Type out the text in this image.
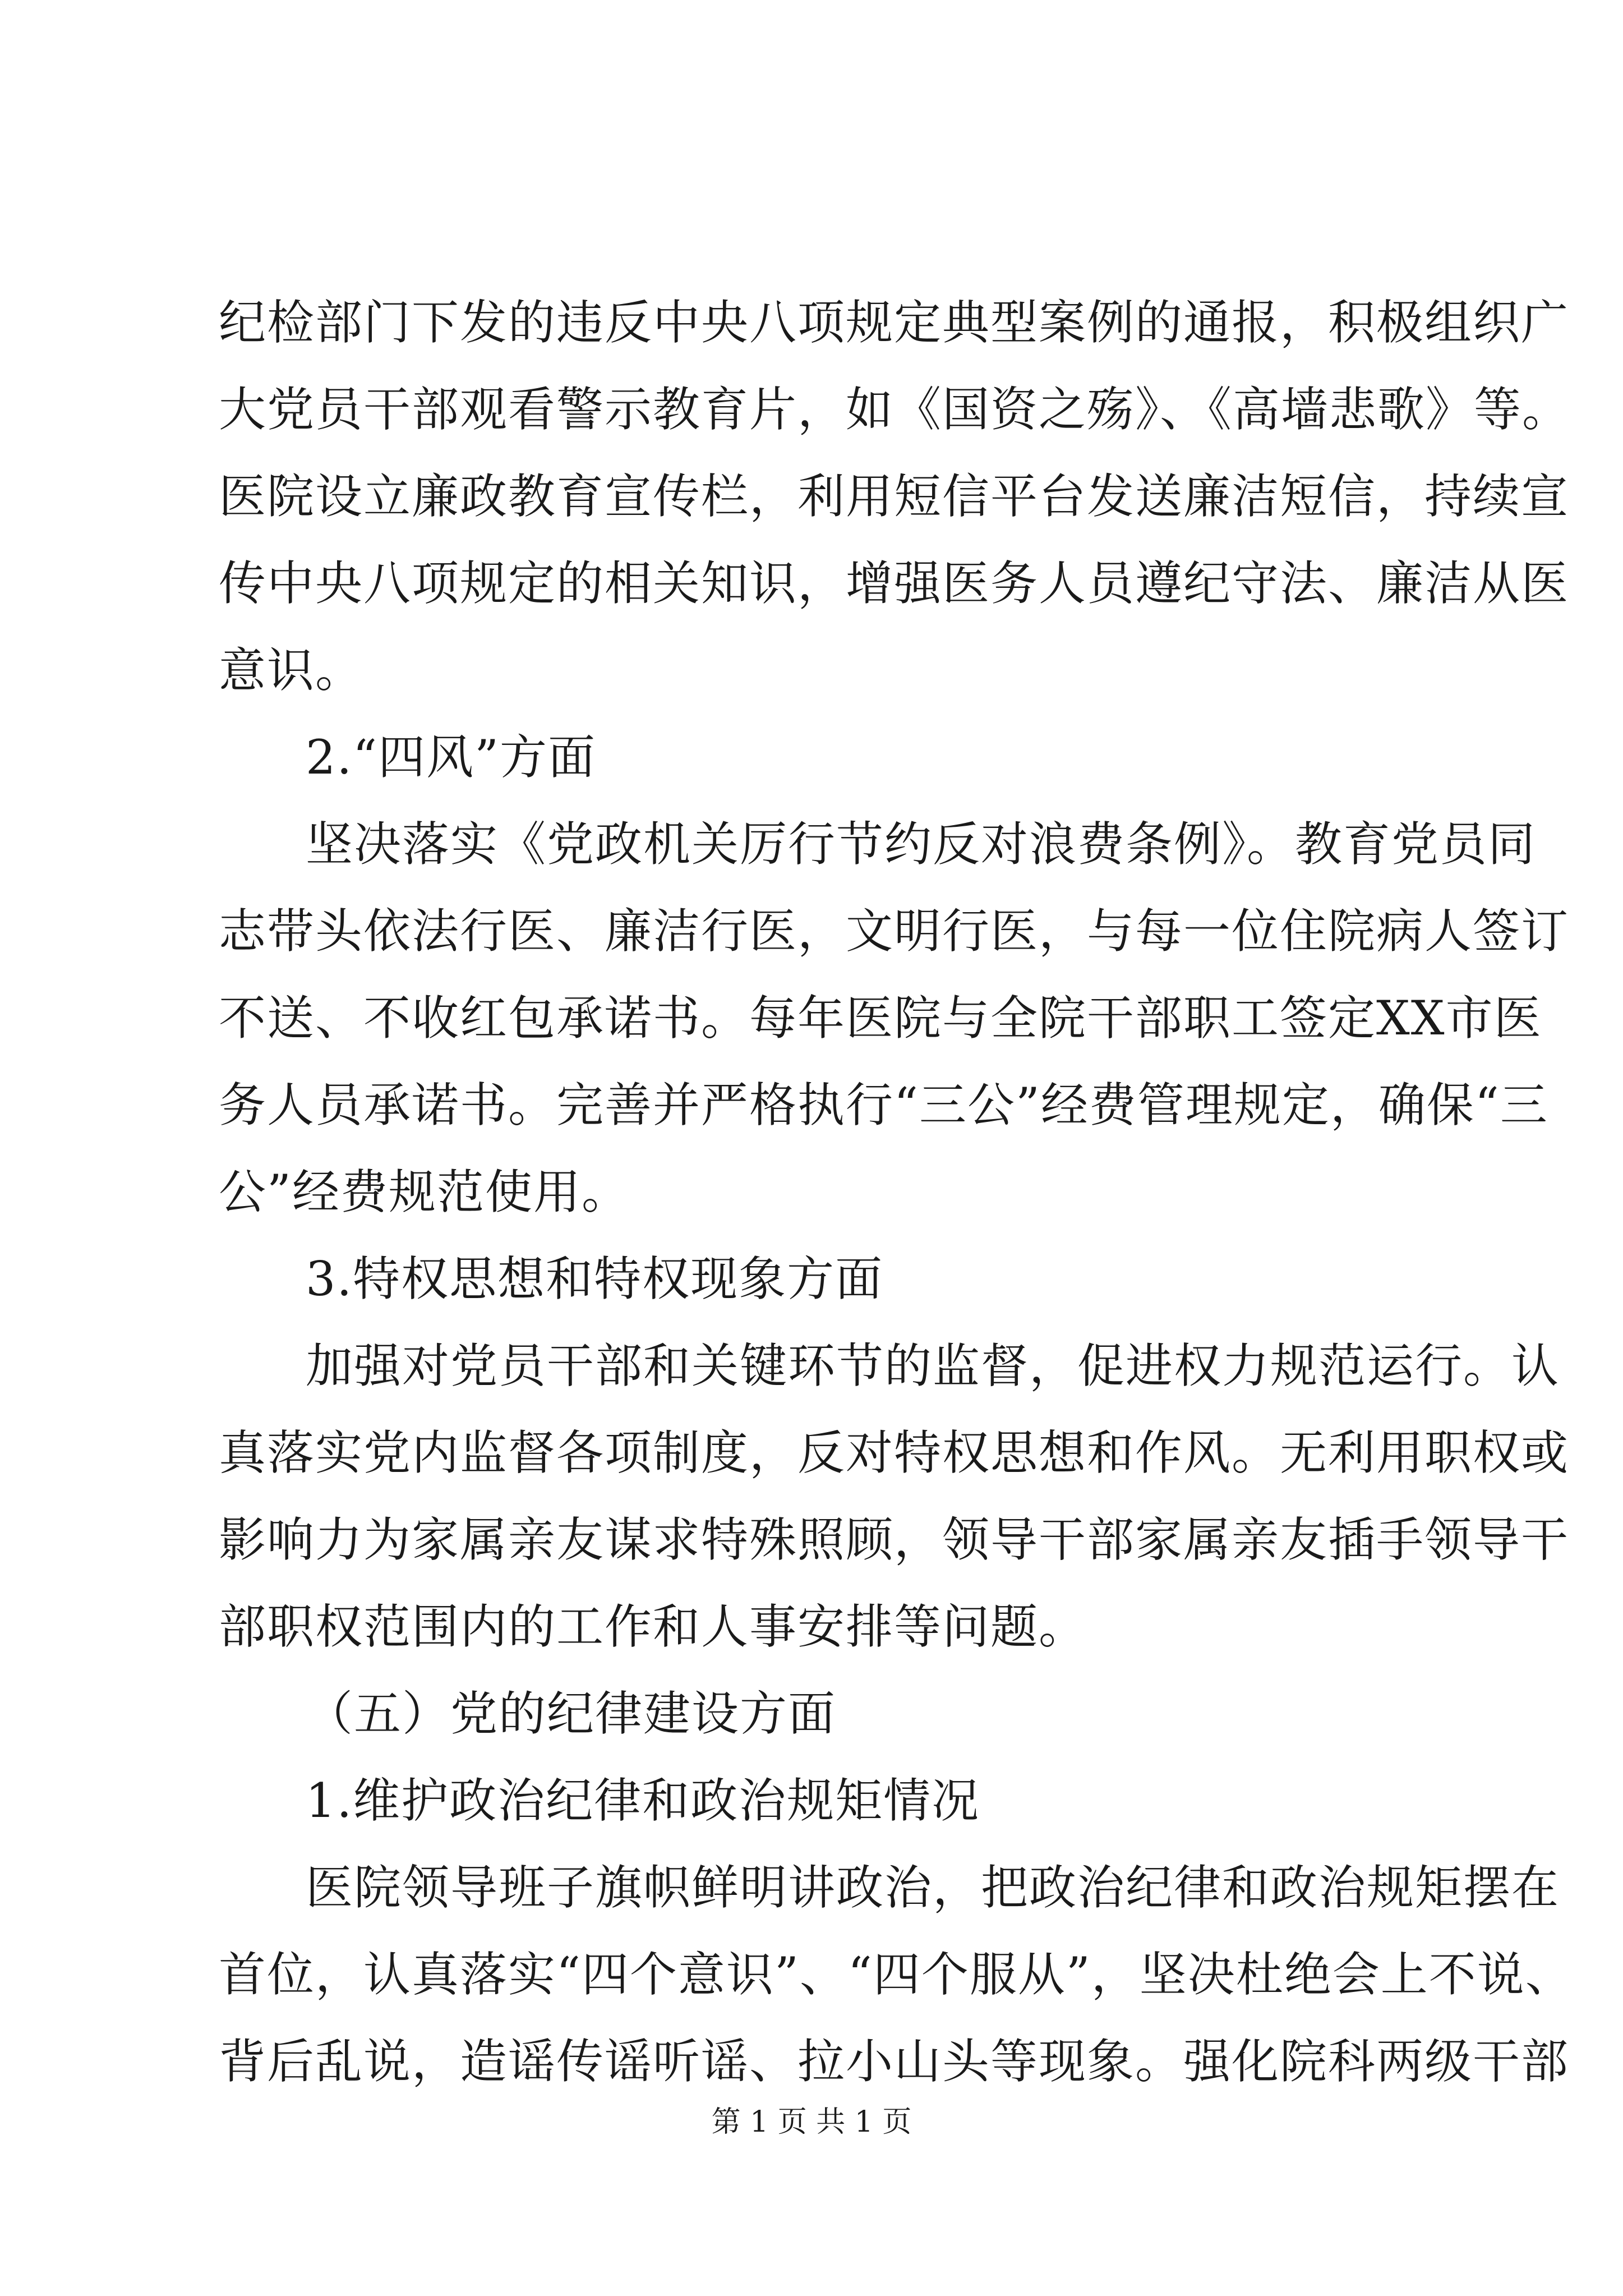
纪检部门下发的违反中央八项规定典型案例的通报，积极组织广
大党员干部观看警示教育片，如《国资之殇》、《高墙悲歌》等。
医院设立廉政教育宣传栏，利用短信平台发送廉洁短信，持续宣
传中央八项规定的相关知识，增强医务人员遵纪守法、廉洁从医
意识。
2.“四风”方面
坚决落实《党政机关厉行节约反对浪费条例》。教育党员同
志带头依法行医、廉洁行医，文明行医，与每一位住院病人签订
不送、不收红包承诺书。每年医院与全院干部职工签定XX市医
务人员承诺书。完善并严格执行“三公”经费管理规定，确保“三
公”经费规范使用。
3.特权思想和特权现象方面
加强对党员干部和关键环节的监督，促进权力规范运行。认
真落实党内监督各项制度，反对特权思想和作风。无利用职权或
影响力为家属亲友谋求特殊照顾，领导干部家属亲友插手领导干
部职权范围内的工作和人事安排等问题。
（五）党的纪律建设方面
1.维护政治纪律和政治规矩情况
医院领导班子旗帜鲜明讲政治，把政治纪律和政治规矩摆在
首位，认真落实“四个意识”、“四个服从”，坚决杜绝会上不说、
背后乱说，造谣传谣听谣、拉小山头等现象。强化院科两级干部
第 1 页 共 1 页
